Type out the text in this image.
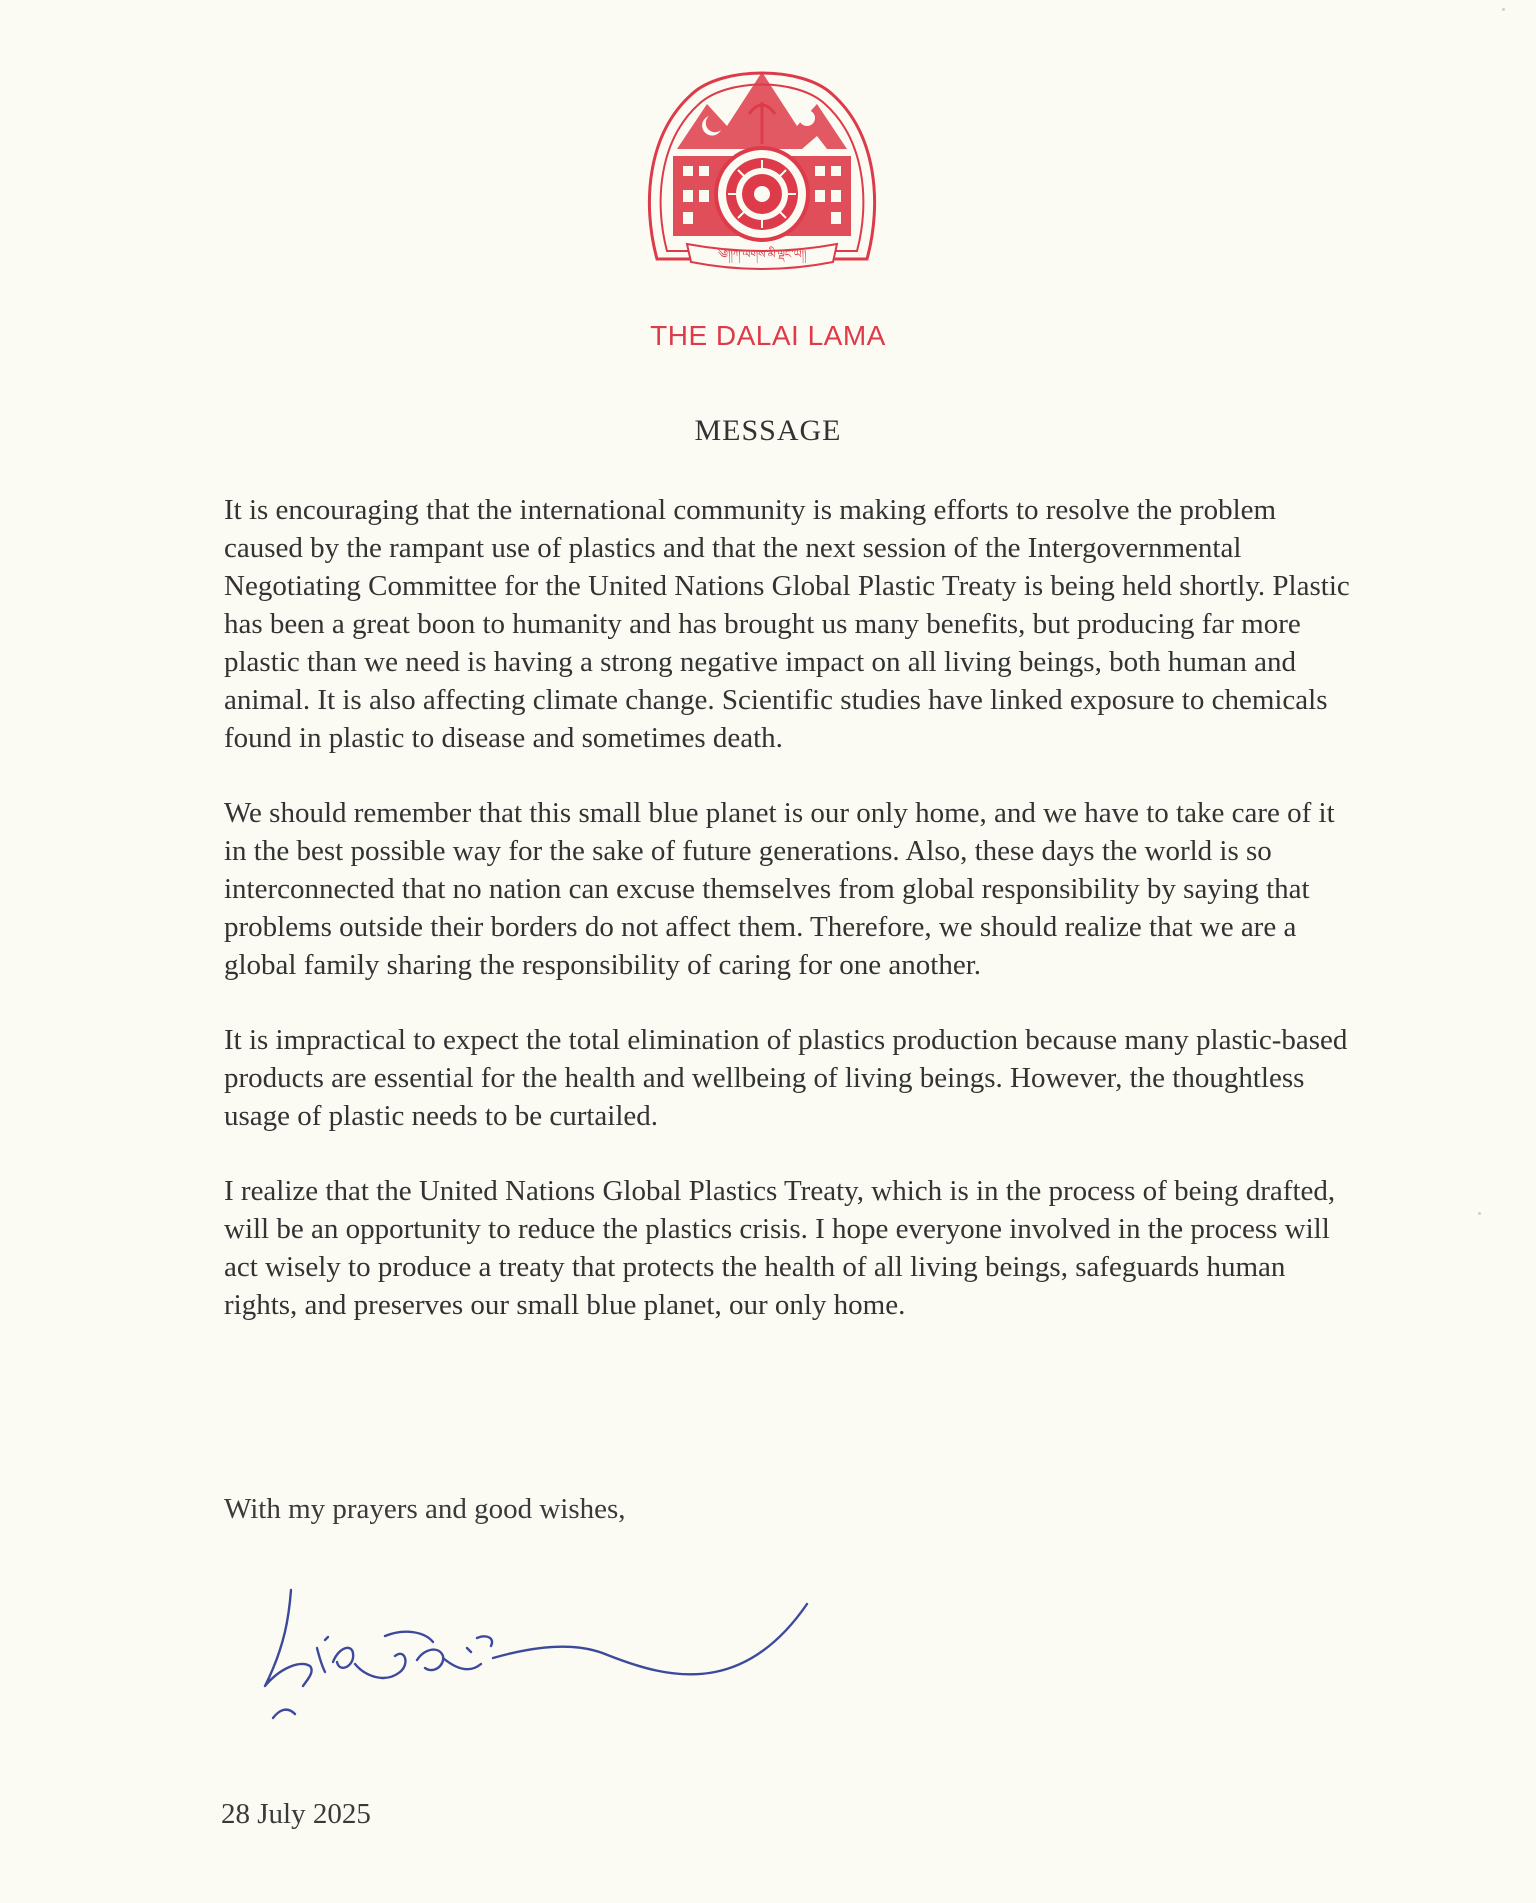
༄།།ཀ་ལགས་མི་ལྡང་ཡ།།
THE DALAI LAMA
MESSAGE

It is encouraging that the international community is making efforts to resolve the problem caused by the rampant use of plastics and that the next session of the Intergovernmental Negotiating Committee for the United Nations Global Plastic Treaty is being held shortly. Plastic has been a great boon to humanity and has brought us many benefits, but producing far more plastic than we need is having a strong negative impact on all living beings, both human and animal. It is also affecting climate change. Scientific studies have linked exposure to chemicals found in plastic to disease and sometimes death.

We should remember that this small blue planet is our only home, and we have to take care of it in the best possible way for the sake of future generations. Also, these days the world is so interconnected that no nation can excuse themselves from global responsibility by saying that problems outside their borders do not affect them. Therefore, we should realize that we are a global family sharing the responsibility of caring for one another.

It is impractical to expect the total elimination of plastics production because many plastic-based products are essential for the health and wellbeing of living beings. However, the thoughtless usage of plastic needs to be curtailed.

I realize that the United Nations Global Plastics Treaty, which is in the process of being drafted, will be an opportunity to reduce the plastics crisis. I hope everyone involved in the process will act wisely to produce a treaty that protects the health of all living beings, safeguards human rights, and preserves our small blue planet, our only home.

With my prayers and good wishes,
28 July 2025
